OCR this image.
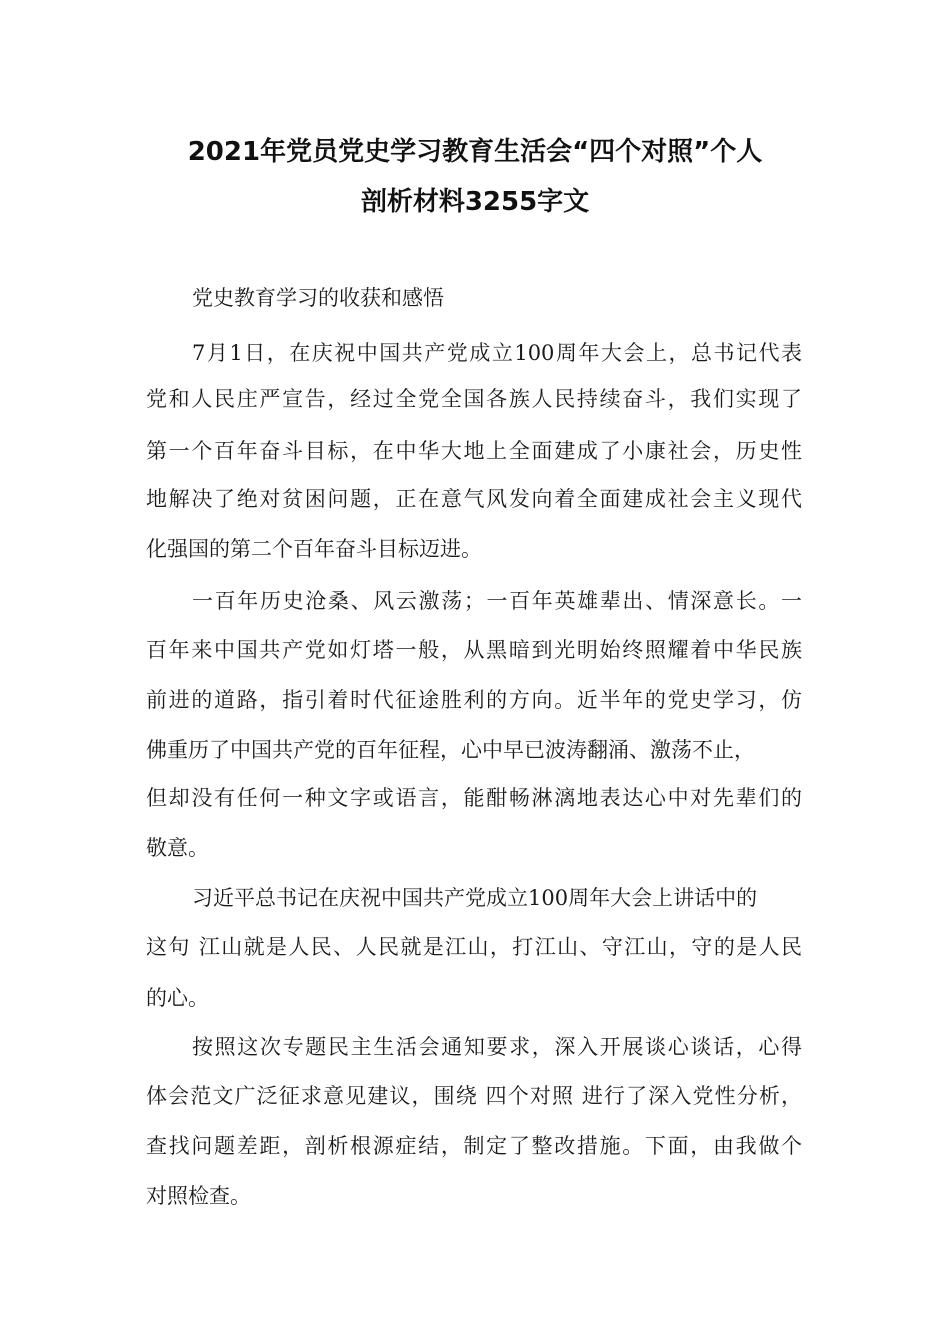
2021年党员党史学习教育生活会“四个对照”个人
剖析材料3255字文
党史教育学习的收获和感悟
7月1日，在庆祝中国共产党成立100周年大会上，总书记代表
党和人民庄严宣告，经过全党全国各族人民持续奋斗，我们实现了
第一个百年奋斗目标，在中华大地上全面建成了小康社会，历史性
地解决了绝对贫困问题，正在意气风发向着全面建成社会主义现代
化强国的第二个百年奋斗目标迈进。
一百年历史沧桑、风云激荡；一百年英雄辈出、情深意长。一
百年来中国共产党如灯塔一般，从黑暗到光明始终照耀着中华民族
前进的道路，指引着时代征途胜利的方向。近半年的党史学习，仿
佛重历了中国共产党的百年征程，心中早已波涛翻涌、激荡不止，
但却没有任何一种文字或语言，能酣畅淋漓地表达心中对先辈们的
敬意。
习近平总书记在庆祝中国共产党成立100周年大会上讲话中的
这句 江山就是人民、人民就是江山，打江山、守江山，守的是人民
的心。
按照这次专题民主生活会通知要求，深入开展谈心谈话，心得
体会范文广泛征求意见建议，围绕 四个对照 进行了深入党性分析，
查找问题差距，剖析根源症结，制定了整改措施。下面，由我做个
对照检查。
